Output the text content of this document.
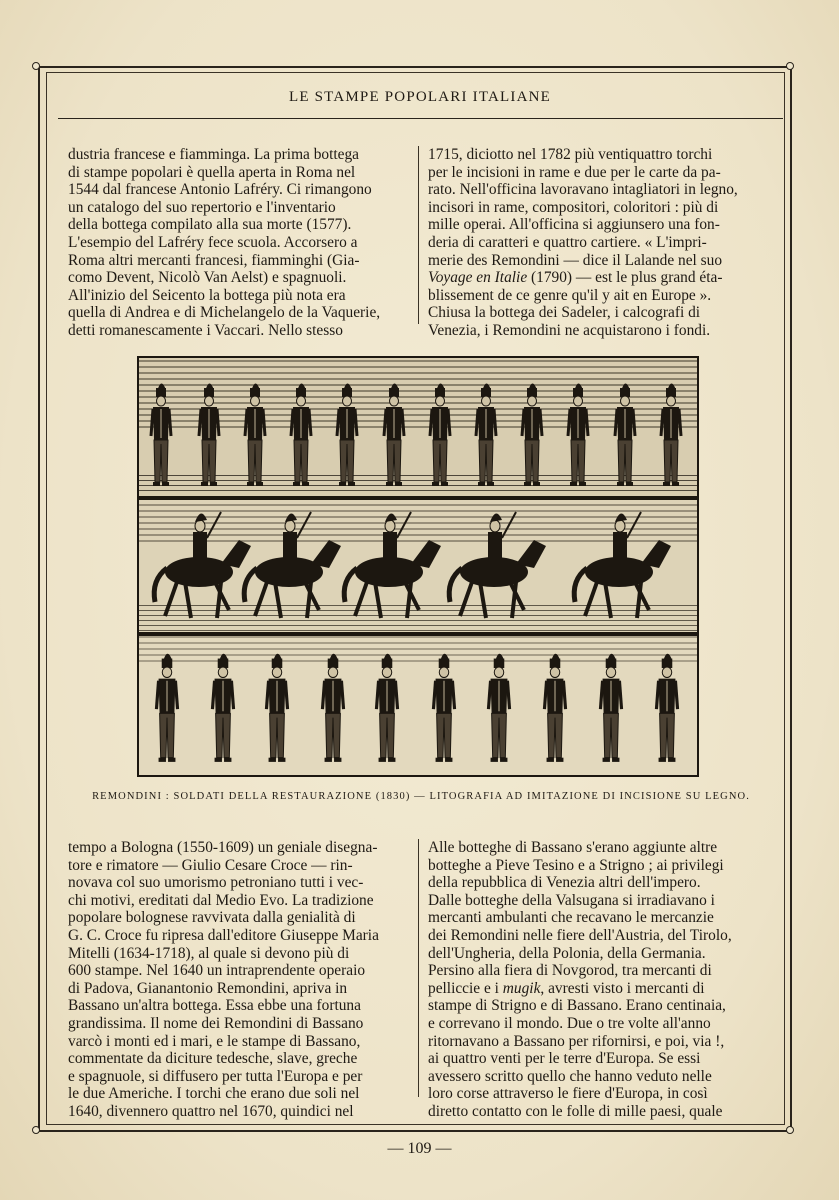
LE STAMPE POPOLARI ITALIANE

dustria francese e fiamminga. La prima bottega

di stampe popolari è quella aperta in Roma nel

1544 dal francese Antonio Lafréry. Ci rimangono

un catalogo del suo repertorio e l'inventario

della bottega compilato alla sua morte (1577).

L'esempio del Lafréry fece scuola. Accorsero a

Roma altri mercanti francesi, fiamminghi (Gia-

como Devent, Nicolò Van Aelst) e spagnuoli.

All'inizio del Seicento la bottega più nota era

quella di Andrea e di Michelangelo de la Vaquerie,

detti romanescamente i Vaccari. Nello stesso

1715, diciotto nel 1782 più ventiquattro torchi

per le incisioni in rame e due per le carte da pa-

rato. Nell'officina lavoravano intagliatori in legno,

incisori in rame, compositori, coloritori : più di

mille operai. All'officina si aggiunsero una fon-

deria di caratteri e quattro cartiere. « L'impri-

merie des Remondini — dice il Lalande nel suo

Voyage en Italie (1790) — est le plus grand éta-

blissement de ce genre qu'il y ait en Europe ».

Chiusa la bottega dei Sadeler, i calcografi di

Venezia, i Remondini ne acquistarono i fondi.

REMONDINI : SOLDATI DELLA RESTAURAZIONE (1830) — LITOGRAFIA AD IMITAZIONE DI INCISIONE SU LEGNO.

tempo a Bologna (1550-1609) un geniale disegna-

tore e rimatore — Giulio Cesare Croce — rin-

novava col suo umorismo petroniano tutti i vec-

chi motivi, ereditati dal Medio Evo. La tradizione

popolare bolognese ravvivata dalla genialità di

G. C. Croce fu ripresa dall'editore Giuseppe Maria

Mitelli (1634-1718), al quale si devono più di

600 stampe. Nel 1640 un intraprendente operaio

di Padova, Gianantonio Remondini, apriva in

Bassano un'altra bottega. Essa ebbe una fortuna

grandissima. Il nome dei Remondini di Bassano

varcò i monti ed i mari, e le stampe di Bassano,

commentate da diciture tedesche, slave, greche

e spagnuole, si diffusero per tutta l'Europa e per

le due Americhe. I torchi che erano due soli nel

1640, divennero quattro nel 1670, quindici nel

Alle botteghe di Bassano s'erano aggiunte altre

botteghe a Pieve Tesino e a Strigno ; ai privilegi

della repubblica di Venezia altri dell'impero.

Dalle botteghe della Valsugana si irradiavano i

mercanti ambulanti che recavano le mercanzie

dei Remondini nelle fiere dell'Austria, del Tirolo,

dell'Ungheria, della Polonia, della Germania.

Persino alla fiera di Novgorod, tra mercanti di

pelliccie e i mugik, avresti visto i mercanti di

stampe di Strigno e di Bassano. Erano centinaia,

e correvano il mondo. Due o tre volte all'anno

ritornavano a Bassano per rifornirsi, e poi, via !,

ai quattro venti per le terre d'Europa. Se essi

avessero scritto quello che hanno veduto nelle

loro corse attraverso le fiere d'Europa, in così

diretto contatto con le folle di mille paesi, quale

— 109 —
